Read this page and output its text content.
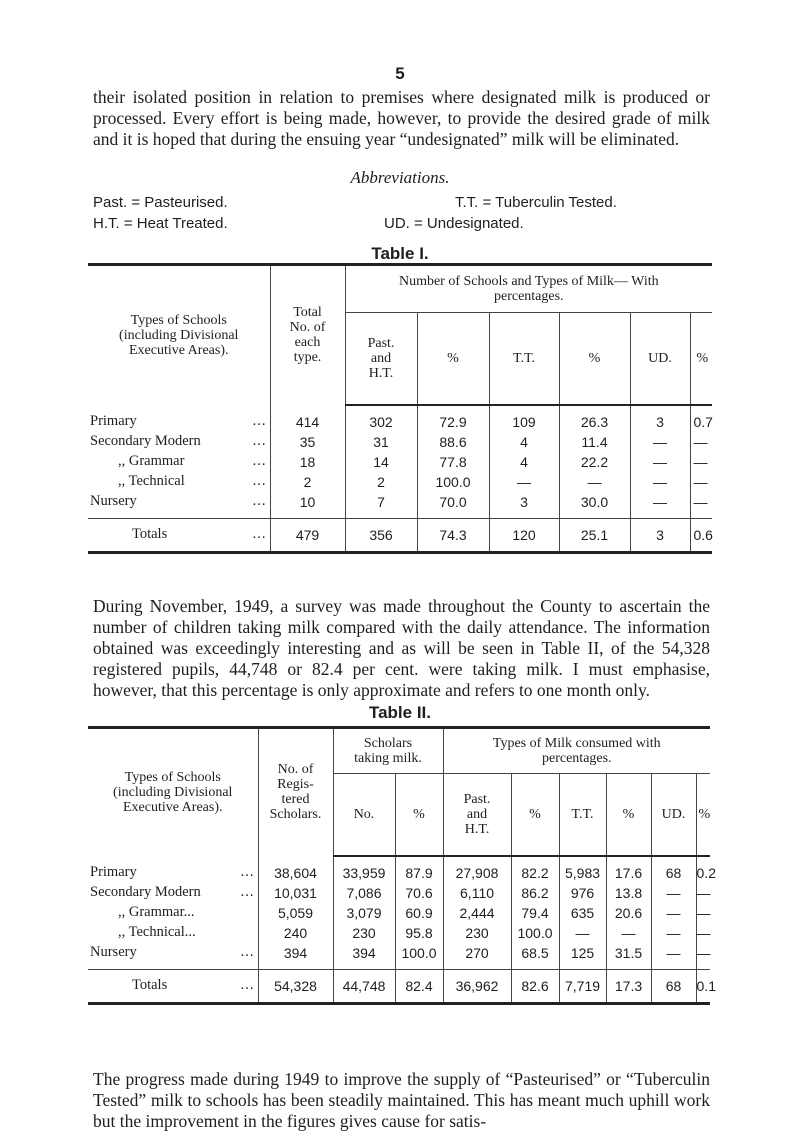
5

their isolated position in relation to premises where designated milk is produced or processed. Every effort is being made, however, to provide the desired grade of milk and it is hoped that during the ensuing year “undesignated” milk will be eliminated.

Abbreviations.
Past. = Pasteurised.	T.T. = Tuberculin Tested.
H.T. = Heat Treated.	UD. = Undesignated.
Table I.
Types of Schools (including Divisional Executive Areas).	Total No. of each type.	Number of Schools and Types of Milk— With percentages.					
		Past. and H.T.	%	T.T.	%	UD.	%

Primary ...	414	302	72.9	109	26.3	3	0.7
Secondary Modern ...	35	31	88.6	4	11.4	—	—
,, Grammar ...	18	14	77.8	4	22.2	—	—
,, Technical ...	2	2	100.0	—	—	—	—
Nursery ...	10	7	70.0	3	30.0	—	—

Totals ...	479	356	74.3	120	25.1	3	0.6

During November, 1949, a survey was made throughout the County to ascertain the number of children taking milk compared with the daily attendance. The information obtained was exceedingly interesting and as will be seen in Table II, of the 54,328 registered pupils, 44,748 or 82.4 per cent. were taking milk. I must emphasise, however, that this percentage is only approximate and refers to one month only.

Table II.
Types of Schools (including Divisional Executive Areas).	No. of Regis- tered Scholars.	Scholars taking milk.		Types of Milk consumed with percentages.					
		No.	%	Past. and H.T.	%	T.T.	%	UD.	%

Primary ...	38,604	33,959	87.9	27,908	82.2	5,983	17.6	68	0.2
Secondary Modern ...	10,031	7,086	70.6	6,110	86.2	976	13.8	—	—
,, Grammar...	5,059	3,079	60.9	2,444	79.4	635	20.6	—	—
,, Technical...	240	230	95.8	230	100.0	—	—	—	—
Nursery ...	394	394	100.0	270	68.5	125	31.5	—	—

Totals ...	54,328	44,748	82.4	36,962	82.6	7,719	17.3	68	0.1

The progress made during 1949 to improve the supply of “Pasteurised” or “Tuberculin Tested” milk to schools has been steadily maintained. This has meant much uphill work but the improvement in the figures gives cause for satis-
